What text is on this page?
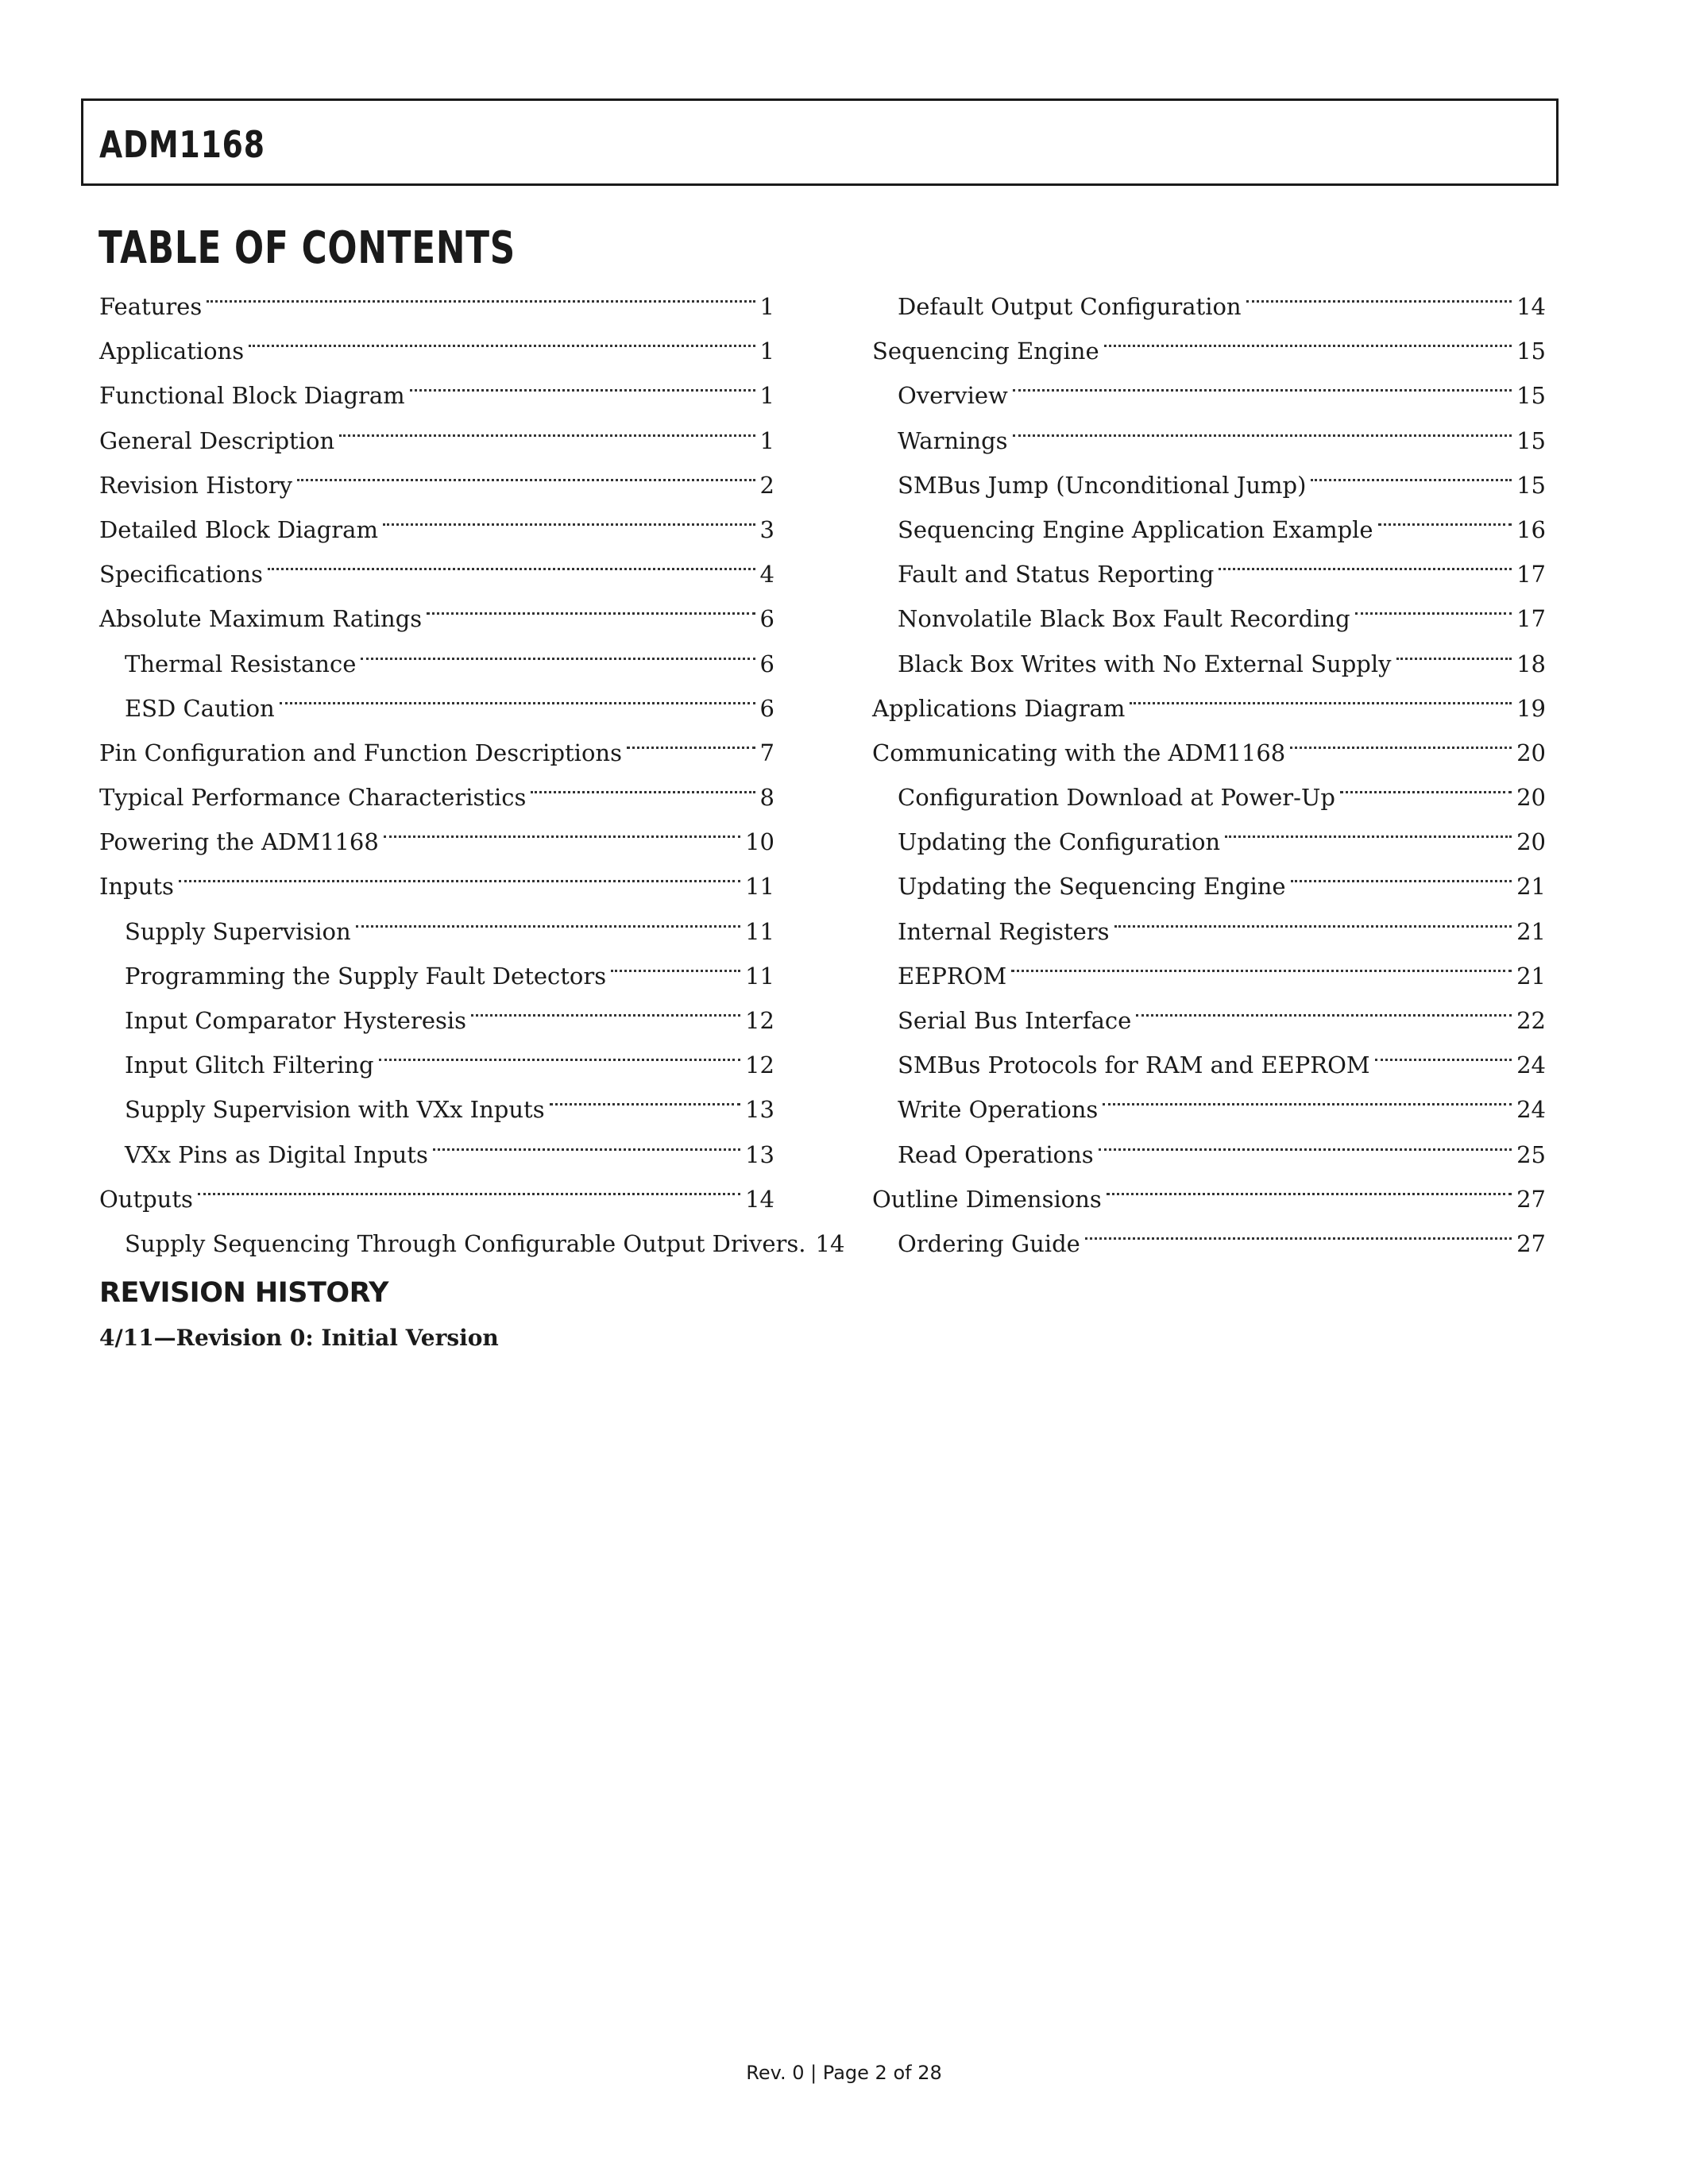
ADM1168
TABLE OF CONTENTS
Features	1
Applications	1
Functional Block Diagram	1
General Description	1
Revision History	2
Detailed Block Diagram	3
Specifications	4
Absolute Maximum Ratings	6
Thermal Resistance	6
ESD Caution	6
Pin Configuration and Function Descriptions	7
Typical Performance Characteristics	8
Powering the ADM1168	10
Inputs	11
Supply Supervision	11
Programming the Supply Fault Detectors	11
Input Comparator Hysteresis	12
Input Glitch Filtering	12
Supply Supervision with VXx Inputs	13
VXx Pins as Digital Inputs	13
Outputs	14
Supply Sequencing Through Configurable Output Drivers. 14
Default Output Configuration	14
Sequencing Engine	15
Overview	15
Warnings	15
SMBus Jump (Unconditional Jump)	15
Sequencing Engine Application Example	16
Fault and Status Reporting	17
Nonvolatile Black Box Fault Recording	17
Black Box Writes with No External Supply	18
Applications Diagram	19
Communicating with the ADM1168	20
Configuration Download at Power-Up	20
Updating the Configuration	20
Updating the Sequencing Engine	21
Internal Registers	21
EEPROM	21
Serial Bus Interface	22
SMBus Protocols for RAM and EEPROM	24
Write Operations	24
Read Operations	25
Outline Dimensions	27
Ordering Guide	27
REVISION HISTORY
4/11—Revision 0: Initial Version
Rev. 0 | Page 2 of 28
